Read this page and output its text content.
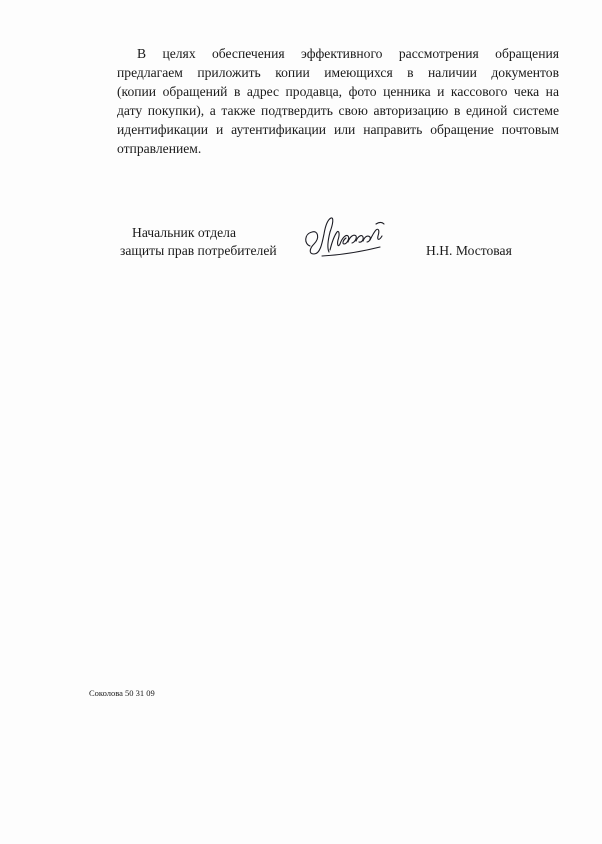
В целях обеспечения эффективного рассмотрения обращения
предлагаем приложить копии имеющихся в наличии документов
(копии обращений в адрес продавца, фото ценника и кассового чека на
дату покупки), а также подтвердить свою авторизацию в единой системе
идентификации и аутентификации или направить обращение почтовым
отправлением.

Начальник отдела
защиты прав потребителей	Н.Н. Мостовая
Соколова 50 31 09
